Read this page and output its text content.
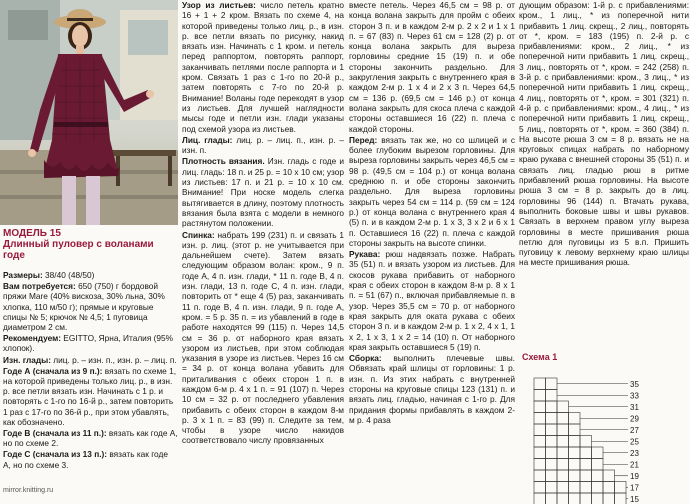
МОДЕЛЬ 15
Длинный пуловер с воланами годе

Размеры: 38/40 (48/50)

Вам потребуется: 650 (750) г бордовой пряжи Mare (40% вискоза, 30% льна, 30% хлопка, 110 м/50 г); прямые и круговые спицы № 5; крючок № 4,5; 1 пуговица диаметром 2 см.

Рекомендуем: EGITTO, Ярна, Италия (95% хлопок).

Изн. глады: лиц. р. – изн. п., изн. р. – лиц. п.

Годе А (сначала из 9 п.): вязать по схеме 1, на которой приведены только лиц. р., в изн. р. все петли вязать изн. Начинать с 1 р. и повторять с 1-го по 16-й р., затем повторить 1 раз с 17-го по 36-й р., при этом убавлять, как обозначено.

Годе В (сначала из 11 п.): вязать как годе А, но по схеме 2.

Годе С (сначала из 13 п.): вязать как годе А, но по схеме 3.

mirror.knitting.ru

Узор из листьев: число петель кратно 16 + 1 + 2 кром. Вязать по схеме 4, на которой приведены только лиц. р., в изн. р. все петли вязать по рисунку, накид вязать изн. Начинать с 1 кром. и петель перед раппортом, повторять раппорт, заканчивать петлями после раппорта и 1 кром. Связать 1 раз с 1-го по 20-й р., затем повторять с 7-го по 20-й р. Внимание! Воланы годе перекодят в узор из листьев. Для лучшей наглядности мысы годе и петли изн. глади указаны под схемой узора из листьев.

Лиц. глады: лиц. р. – лиц. п., изн. р. – изн. п.

Плотность вязания. Изн. гладь с годе и лиц. гладь: 18 п. и 25 р. = 10 х 10 см; узор из листьев: 17 п. и 21 р. = 10 х 10 см. Внимание! При носке модель слегка вытягивается в длину, поэтому плотность вязания была взята с модели в немного растянутом положении.

Спинка: набрать 199 (231) п. и связать 1 изн. р. лиц. (этот р. не учитывается при дальнейшем счете). Затем вязать следующим образом волан: кром., 9 п. годе А, 4 п. изн. глади, * 11 п. годе В, 4 п. изн. глади, 13 п. годе С, 4 п. изн. глади, повторить от * еще 4 (5) раз, заканчивать 11 п. годе В, 4 п. изн. глади, 9 п. годе А, кром. = 5 р. 35 п. = из убавлений в годе в работе находятся 99 (115) п. Через 14,5 см = 36 р. от наборного края вязать узором из листьев, при этом соблюдая указания в узоре из листьев. Через 16 см = 34 р. от конца волана убавить для приталивания с обеих сторон 1 п. в каждом 6-м р. 4 х 1 п. = 91 (107) п. Через 10 см = 32 р. от последнего убавления прибавить с обеих сторон в каждом 8-м р. 3 х 1 п. = 83 (99) п. Следите за тем, чтобы в узоре число накидов соответствовало числу провязанных

вместе петель. Через 46,5 см = 98 р. от конца волана закрыть для пройм с обеих сторон 3 п. и в каждом 2-м р. 2 х 2 и 1 х 1 п. = 67 (83) п. Через 61 см = 128 (2) р. от конца волана закрыть для выреза горловины средние 15 (19) п. и обе стороны закончить раздельно. Для закругления закрыть с внутреннего края в каждом 2-м р. 1 х 4 и 2 х 3 п. Через 64,5 см = 136 р. (69,5 см = 146 р.) от конца волана закрыть для скоса плеча с каждой стороны оставшиеся 16 (22) п. плеча с каждой стороны.

Перед: вязать так же, но со шлицей и с более глубоким вырезом горловины. Для выреза горловины закрыть через 46,5 см = 98 р. (49,5 см = 104 р.) от конца волана среднюю п. и обе стороны закончить раздельно. Для выреза горловины закрыть через 54 см = 114 р. (59 см = 124 р.) от конца волана с внутреннего края 4 (5) п. и в каждом 2-м р. 1 х 3, 3 х 2 и 6 х 1 п. Оставшиеся 16 (22) п. плеча с каждой стороны закрыть на высоте спинки.

Рукава: рюш надвязать позже. Набрать 35 (51) п. и вязать узором из листьев. Для скосов рукава прибавить от наборного края с обеих сторон в каждом 8-м р. 8 х 1 п. = 51 (67) п., включая прибавляемые п. в узор. Через 35,5 см = 70 р. от наборного края закрыть для оката рукава с обеих сторон 3 п. и в каждом 2-м р. 1 х 2, 4 х 1, 1 х 2, 1 х 3, 1 х 2 = 14 (10) п. От наборного края закрыть оставшиеся 5 (19) п.

Сборка: выполнить плечевые швы. Обвязать край шлицы от горловины: 1 р. изн. п. Из этих набрать с внутренней стороны на круговые спицы 123 (131) п. и вязать лиц. гладью, начиная с 1-го р. Для придания формы прибавлять в каждом 2-м р. 4 раза

дующим образом: 1-й р. с прибавлениями: кром., 1 лиц., * из поперечной нити прибавить 1 лиц. скрещ., 2 лиц., повторять от *, кром. = 183 (195) п. 2-й р. с прибавлениями: кром., 2 лиц., * из поперечной нити прибавить 1 лиц. скрещ., 3 лиц., повторять от *, кром. = 242 (258) п. 3-й р. с прибавлениями: кром., 3 лиц., * из поперечной нити прибавить 1 лиц. скрещ., 4 лиц., повторять от *, кром. = 301 (321) п. 4-й р. с прибавлениями: кром., 4 лиц., * из поперечной нити прибавить 1 лиц. скрещ., 5 лиц., повторять от *, кром. = 360 (384) п. На высоте рюша 3 см = 8 р. вязать не на круговых спицах набрать по наборному краю рукава с внешней стороны 35 (51) п. и связать лиц. гладью рюш в ритме прибавлений рюша горловины. На высоте рюша 3 см = 8 р. закрыть до в лиц. горловины 96 (144) п. Втачать рукава, выполнить боковые швы и швы рукавов. Связать в верхнем правом углу выреза горловины в месте пришивания рюша петлю для пуговицы из 5 в.п. Пришить пуговицу к левому верхнему краю шлицы на месте пришивания рюша.

Схема 1
35
33
31
29
27
25
23
21
19
17
15
